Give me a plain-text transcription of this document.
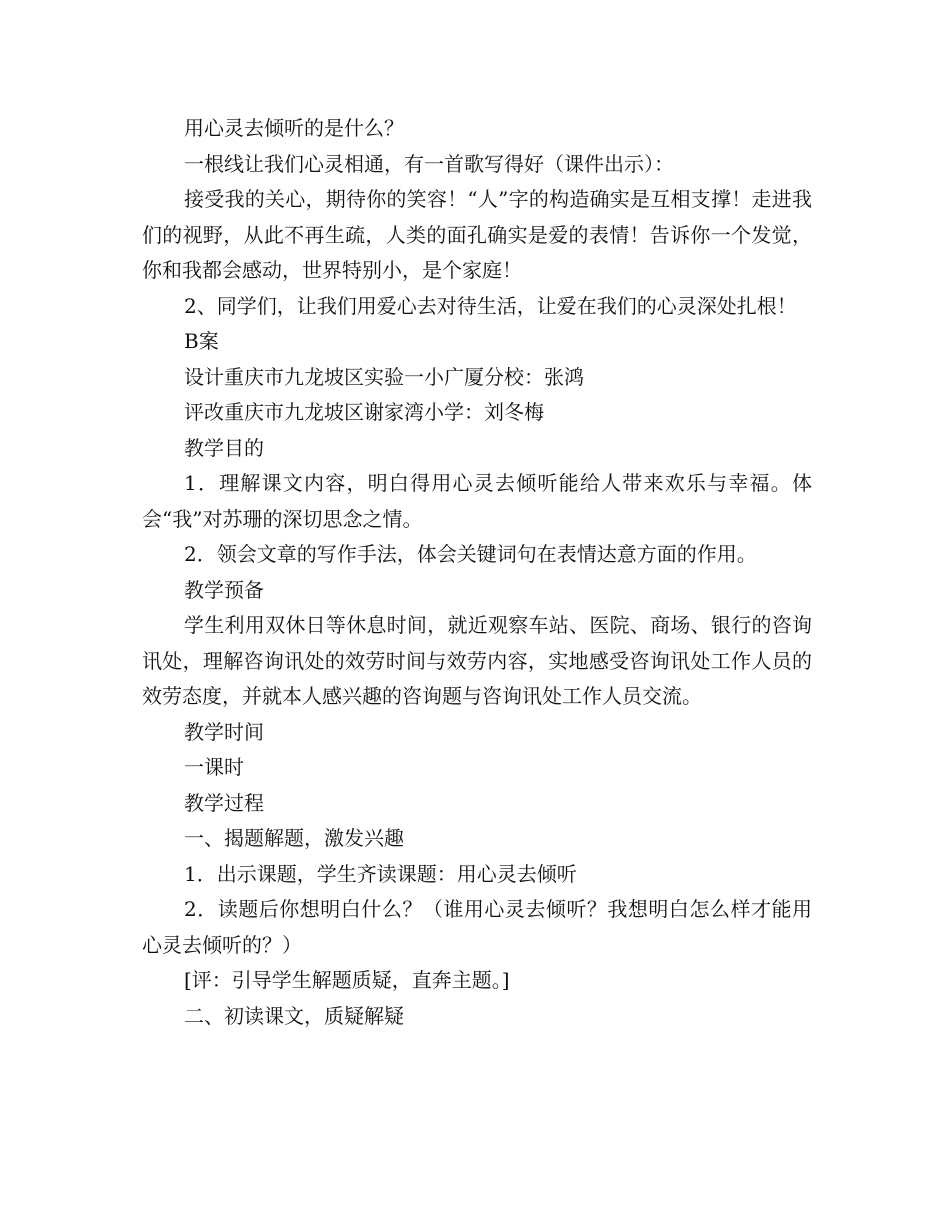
用心灵去倾听的是什么？

一根线让我们心灵相通，有一首歌写得好（课件出示）：

接受我的关心，期待你的笑容！“人”字的构造确实是互相支撑！走进我们的视野，从此不再生疏，人类的面孔确实是爱的表情！告诉你一个发觉，你和我都会感动，世界特别小，是个家庭！

2、同学们，让我们用爱心去对待生活，让爱在我们的心灵深处扎根！

B案

设计重庆市九龙坡区实验一小广厦分校：张鸿

评改重庆市九龙坡区谢家湾小学：刘冬梅

教学目的

1．理解课文内容，明白得用心灵去倾听能给人带来欢乐与幸福。体会“我”对苏珊的深切思念之情。

2．领会文章的写作手法，体会关键词句在表情达意方面的作用。

教学预备

学生利用双休日等休息时间，就近观察车站、医院、商场、银行的咨询讯处，理解咨询讯处的效劳时间与效劳内容，实地感受咨询讯处工作人员的效劳态度，并就本人感兴趣的咨询题与咨询讯处工作人员交流。

教学时间

一课时

教学过程

一、揭题解题，激发兴趣

1．出示课题，学生齐读课题：用心灵去倾听

2．读题后你想明白什么？（谁用心灵去倾听？我想明白怎么样才能用心灵去倾听的？）

[评：引导学生解题质疑，直奔主题。]

二、初读课文，质疑解疑
